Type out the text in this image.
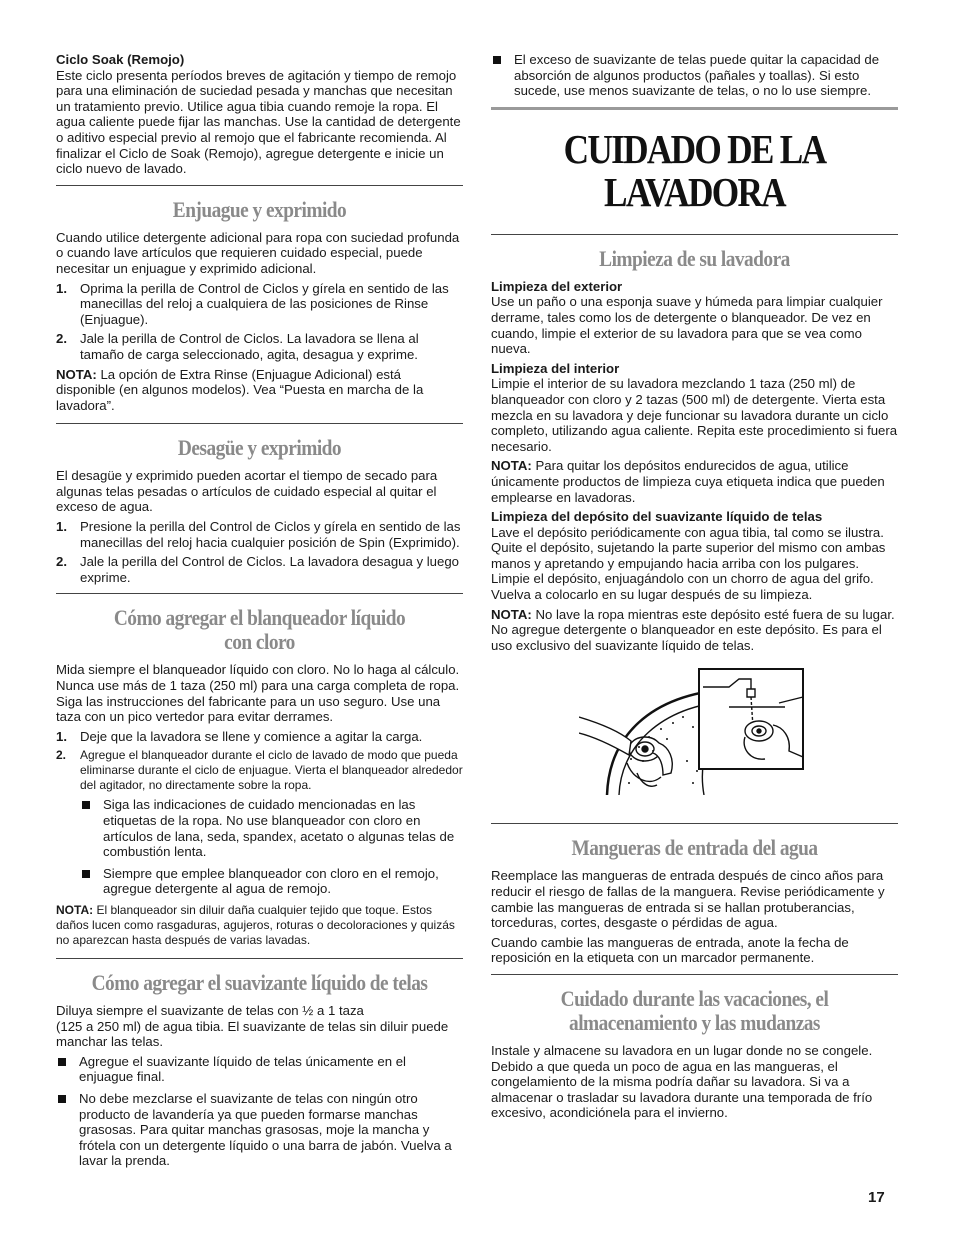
Ciclo Soak (Remojo)

Este ciclo presenta períodos breves de agitación y tiempo de remojo para una eliminación de suciedad pesada y manchas que necesitan un tratamiento previo. Utilice agua tibia cuando remoje la ropa. El agua caliente puede fijar las manchas. Use la cantidad de detergente o aditivo especial previo al remojo que el fabricante recomienda. Al finalizar el Ciclo de Soak (Remojo), agregue detergente e inicie un ciclo nuevo de lavado.

Enjuague y exprimido

Cuando utilice detergente adicional para ropa con suciedad profunda o cuando lave artículos que requieren cuidado especial, puede necesitar un enjuague y exprimido adicional.

1. Oprima la perilla de Control de Ciclos y gírela en sentido de las manecillas del reloj a cualquiera de las posiciones de Rinse (Enjuague).
2. Jale la perilla de Control de Ciclos. La lavadora se llena al tamaño de carga seleccionado, agita, desagua y exprime.

NOTA: La opción de Extra Rinse (Enjuague Adicional) está disponible (en algunos modelos). Vea “Puesta en marcha de la lavadora”.

Desagüe y exprimido

El desagüe y exprimido pueden acortar el tiempo de secado para algunas telas pesadas o artículos de cuidado especial al quitar el exceso de agua.

1. Presione la perilla del Control de Ciclos y gírela en sentido de las manecillas del reloj hacia cualquier posición de Spin (Exprimido).
2. Jale la perilla del Control de Ciclos. La lavadora desagua y luego exprime.
Cómo agregar el blanqueador líquido con cloro

Mida siempre el blanqueador líquido con cloro. No lo haga al cálculo. Nunca use más de 1 taza (250 ml) para una carga completa de ropa. Siga las instrucciones del fabricante para un uso seguro. Use una taza con un pico vertedor para evitar derrames.

1. Deje que la lavadora se llene y comience a agitar la carga.
2. Agregue el blanqueador durante el ciclo de lavado de modo que pueda eliminarse durante el ciclo de enjuague. Vierta el blanqueador alrededor del agitador, no directamente sobre la ropa.
Siga las indicaciones de cuidado mencionadas en las etiquetas de la ropa. No use blanqueador con cloro en artículos de lana, seda, spandex, acetato o algunas telas de combustión lenta.
Siempre que emplee blanqueador con cloro en el remojo, agregue detergente al agua de remojo.

NOTA: El blanqueador sin diluir daña cualquier tejido que toque. Estos daños lucen como rasgaduras, agujeros, roturas o decoloraciones y quizás no aparezcan hasta después de varias lavadas.

Cómo agregar el suavizante líquido de telas

Diluya siempre el suavizante de telas con ½ a 1 taza
(125 a 250 ml) de agua tibia. El suavizante de telas sin diluir puede manchar las telas.

Agregue el suavizante líquido de telas únicamente en el enjuague final.
No debe mezclarse el suavizante de telas con ningún otro producto de lavandería ya que pueden formarse manchas grasosas. Para quitar manchas grasosas, moje la mancha y frótela con un detergente líquido o una barra de jabón. Vuelva a lavar la prenda.
El exceso de suavizante de telas puede quitar la capacidad de absorción de algunos productos (pañales y toallas). Si esto sucede, use menos suavizante de telas, o no lo use siempre.
CUIDADO DE LA
LAVADORA
Limpieza de su lavadora

Limpieza del exterior

Use un paño o una esponja suave y húmeda para limpiar cualquier derrame, tales como los de detergente o blanqueador. De vez en cuando, limpie el exterior de su lavadora para que se vea como nueva.

Limpieza del interior

Limpie el interior de su lavadora mezclando 1 taza (250 ml) de blanqueador con cloro y 2 tazas (500 ml) de detergente. Vierta esta mezcla en su lavadora y deje funcionar su lavadora durante un ciclo completo, utilizando agua caliente. Repita este procedimiento si fuera necesario.

NOTA: Para quitar los depósitos endurecidos de agua, utilice únicamente productos de limpieza cuya etiqueta indica que pueden emplearse en lavadoras.

Limpieza del depósito del suavizante líquido de telas

Lave el depósito periódicamente con agua tibia, tal como se ilustra. Quite el depósito, sujetando la parte superior del mismo con ambas manos y apretando y empujando hacia arriba con los pulgares. Limpie el depósito, enjuagándolo con un chorro de agua del grifo. Vuelva a colocarlo en su lugar después de su limpieza.

NOTA: No lave la ropa mientras este depósito esté fuera de su lugar. No agregue detergente o blanqueador en este depósito. Es para el uso exclusivo del suavizante líquido de telas.

Mangueras de entrada del agua

Reemplace las mangueras de entrada después de cinco años para reducir el riesgo de fallas de la manguera. Revise periódicamente y cambie las mangueras de entrada si se hallan protuberancias, torceduras, cortes, desgaste o pérdidas de agua.

Cuando cambie las mangueras de entrada, anote la fecha de reposición en la etiqueta con un marcador permanente.

Cuidado durante las vacaciones, el
almacenamiento y las mudanzas

Instale y almacene su lavadora en un lugar donde no se congele. Debido a que queda un poco de agua en las mangueras, el congelamiento de la misma podría dañar su lavadora. Si va a almacenar o trasladar su lavadora durante una temporada de frío excesivo, acondiciónela para el invierno.

17
